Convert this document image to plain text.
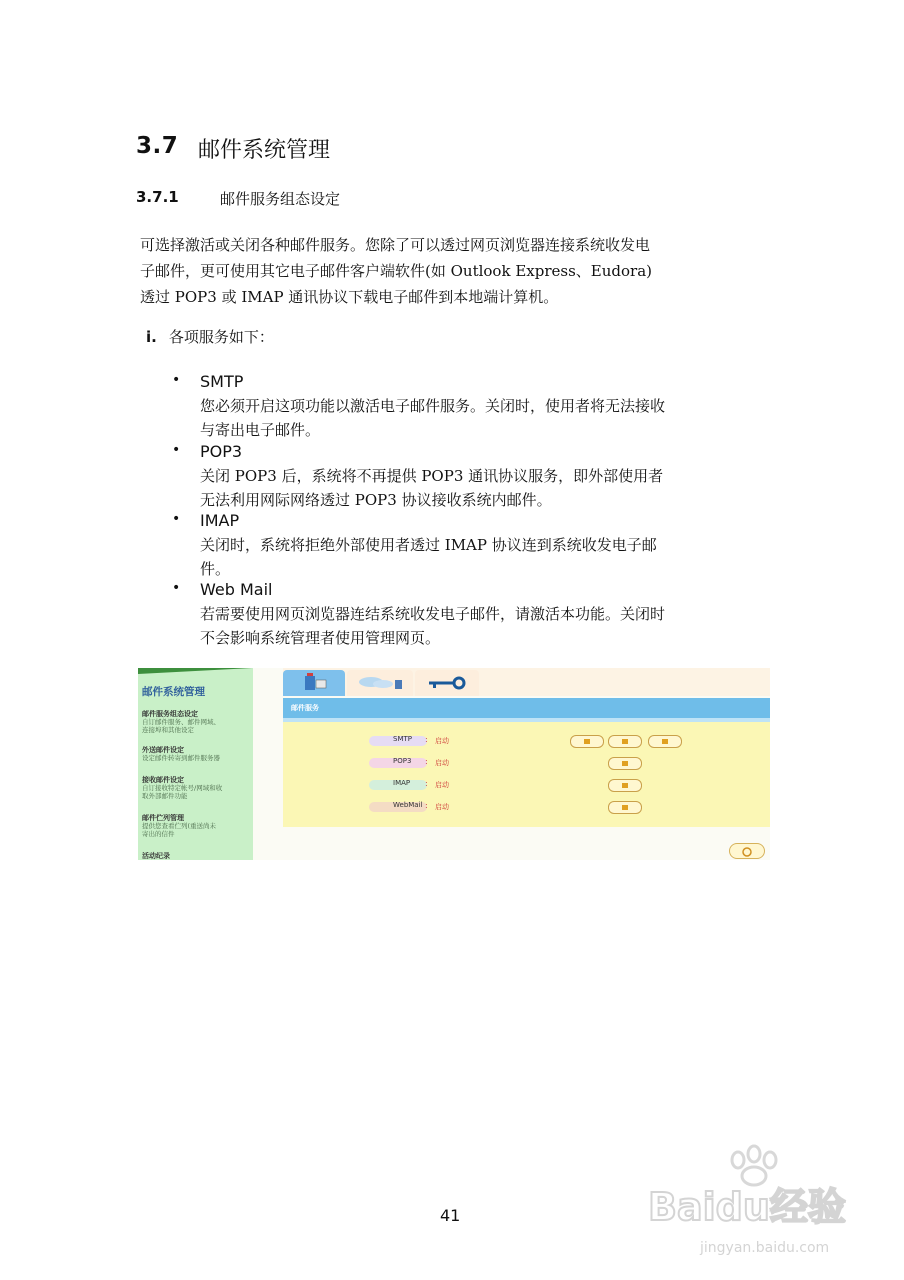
3.7 邮件系统管理
3.7.1	邮件服务组态设定
可选择激活或关闭各种邮件服务。您除了可以透过网页浏览器连接系统收发电
子邮件，更可使用其它电子邮件客户端软件(如 Outlook Express、Eudora)
透过 POP3 或 IMAP 通讯协议下载电子邮件到本地端计算机。
i. 各项服务如下：
• SMTP
您必须开启这项功能以激活电子邮件服务。关闭时，使用者将无法接收
与寄出电子邮件。
• POP3
关闭 POP3 后，系统将不再提供 POP3 通讯协议服务，即外部使用者
无法利用网际网络透过 POP3 协议接收系统内邮件。
• IMAP
关闭时，系统将拒绝外部使用者透过 IMAP 协议连到系统收发电子邮
件。
• Web Mail
若需要使用网页浏览器连结系统收发电子邮件，请激活本功能。关闭时
不会影响系统管理者使用管理网页。
邮件系统管理
邮件服务组态设定
自订邮件服务、邮件网域、
连接埠和其他设定
外送邮件设定
设定邮件转寄到邮件服务器
接收邮件设定
自订接收特定帐号/网域和收
取外部邮件功能
邮件伫列管理
提供您查看伫列(重送尚未
寄出的信件
活动纪录
邮件服务
SMTP : 启动
POP3 : 启动
IMAP : 启动
WebMail : 启动
41	Baidu经验
jingyan.baidu.com
